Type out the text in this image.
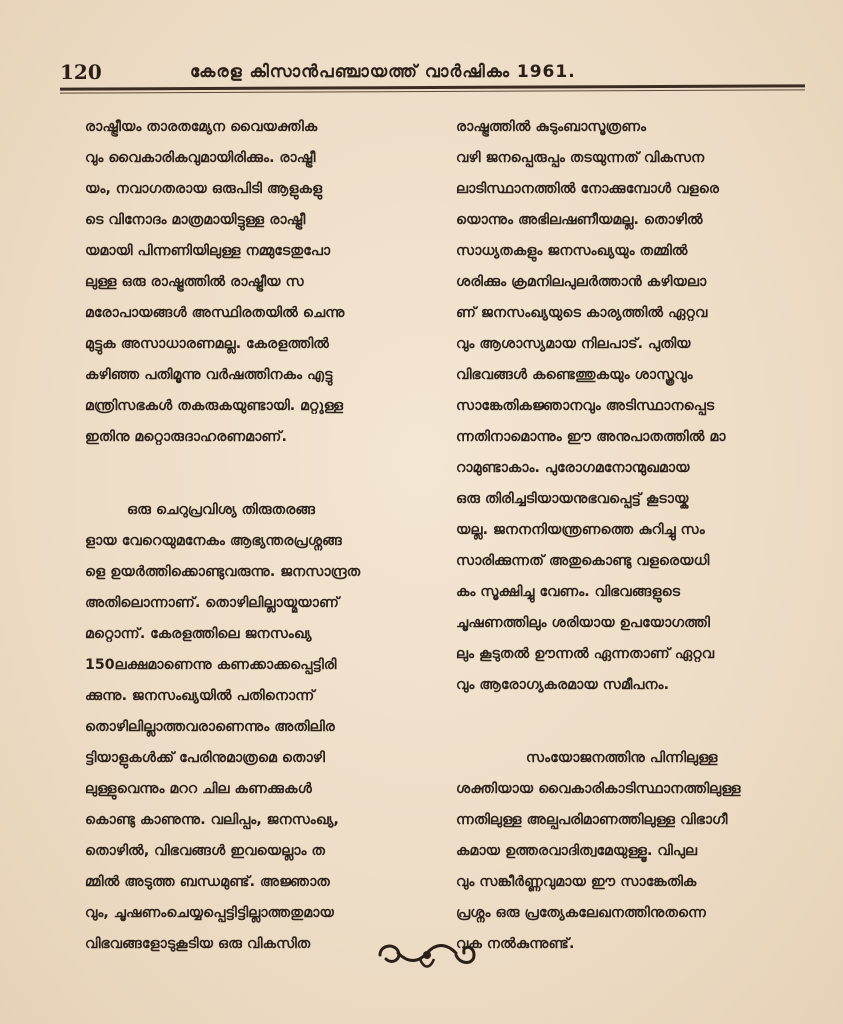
120	കേരള കിസാൻപഞ്ചായത്ത് വാർഷികം 1961.

രാഷ്ട്രീയം താരതമ്യേന വൈയക്തിക
വും വൈകാരികവുമായിരിക്കും. രാഷ്ട്രീ
യം, നവാഗതരായ ഒരുപിടി ആളുകളു
ടെ വിനോദം മാത്രമായിട്ടുള്ള രാഷ്ട്രീ
യമായി പിന്നണിയിലുള്ള നമ്മുടേതുപോ
ലുള്ള ഒരു രാഷ്ട്രത്തിൽ രാഷ്ട്രീയ സ
മരോപായങ്ങൾ അസ്ഥിരതയിൽ ചെന്നു
മുട്ടുക അസാധാരണമല്ല. കേരളത്തിൽ
കഴിഞ്ഞ പതിമൂന്നു വർഷത്തിനകം എട്ടു
മന്ത്രിസഭകൾ തകരുകയുണ്ടായി. മറ്റുള്ള
ഇതിനു മറ്റൊരുദാഹരണമാണ്.

ഒരു ചെറുപ്രവിശ്യ തിരുതരങ്ങ
ളായ വേറെയുമനേകം ആഭ്യന്തരപ്രശ്നങ്ങ
ളെ ഉയർത്തിക്കൊണ്ടുവരുന്നു. ജനസാന്ദ്രത
അതിലൊന്നാണ്. തൊഴിലില്ലായ്മയാണ്
മറ്റൊന്ന്. കേരളത്തിലെ ജനസംഖ്യ
150ലക്ഷമാണെന്നു കണക്കാക്കപ്പെട്ടിരി
ക്കുന്നു. ജനസംഖ്യയിൽ പതിനൊന്ന്
തൊഴിലില്ലാത്തവരാണെന്നും അതിലിര
ട്ടിയാളുകൾക്ക് പേരിനുമാത്രമെ തൊഴി
ലുള്ളുവെന്നും മററ ചില കണക്കുകൾ
കൊണ്ടു കാണുന്നു. വലിപ്പം, ജനസംഖ്യ,
തൊഴിൽ, വിഭവങ്ങൾ ഇവയെല്ലാം ത
മ്മിൽ അടുത്ത ബന്ധമുണ്ട്. അജ്ഞാത
വും, ചൂഷണംചെയ്യപ്പെട്ടിട്ടില്ലാത്തതുമായ
വിഭവങ്ങളോടുകൂടിയ ഒരു വികസിത

രാഷ്ട്രത്തിൽ കുടുംബാസൂത്രണം
വഴി ജനപ്പെരുപ്പം തടയുന്നത് വികസന
ലാടിസ്ഥാനത്തിൽ നോക്കുമ്പോൾ വളരെ
യൊന്നും അഭിലഷണീയമല്ല. തൊഴിൽ
സാധ്യതകളും ജനസംഖ്യയും തമ്മിൽ
ശരിക്കും ക്രമനിലപുലർത്താൻ കഴിയലാ
ണ് ജനസംഖ്യയുടെ കാര്യത്തിൽ ഏറ്റവ
വും ആശാസ്യമായ നിലപാട്. പുതിയ
വിഭവങ്ങൾ കണ്ടെത്തുകയും ശാസ്ത്രവും
സാങ്കേതികജ്ഞാനവും അടിസ്ഥാനപ്പെട
ന്നതിനാമൊന്നും ഈ അനുപാതത്തിൽ മാ
റാമുണ്ടാകാം. പുരോഗമനോന്മുഖമായ
ഒരു തിരിച്ചടിയായനുഭവപ്പെട്ട് കൂടായ്ക
യല്ല. ജനനനിയന്ത്രണത്തെ കുറിച്ചു സം
സാരിക്കുന്നത് അതുകൊണ്ടു വളരെയധി
കം സൂക്ഷിച്ചു വേണം. വിഭവങ്ങളുടെ
ചൂഷണത്തിലും ശരിയായ ഉപയോഗത്തി
ലും കൂടുതൽ ഊന്നൽ ഏന്നതാണ് ഏറ്റവ
വും ആരോഗ്യകരമായ സമീപനം.

സംയോജനത്തിനു പിന്നിലുള്ള
ശക്തിയായ വൈകാരികാടിസ്ഥാനത്തിലുള്ള
ന്നതിലുള്ള അല്പപരിമാണത്തിലുള്ള വിഭാഗീ
കമായ ഉത്തരവാദിത്വമേയുള്ളൂ. വിപുല
വും സങ്കീർണ്ണവുമായ ഈ സാങ്കേതിക
പ്രശ്നം ഒരു പ്രത്യേകലേഖനത്തിനുതന്നെ
വക നൽകുന്നുണ്ട്.
